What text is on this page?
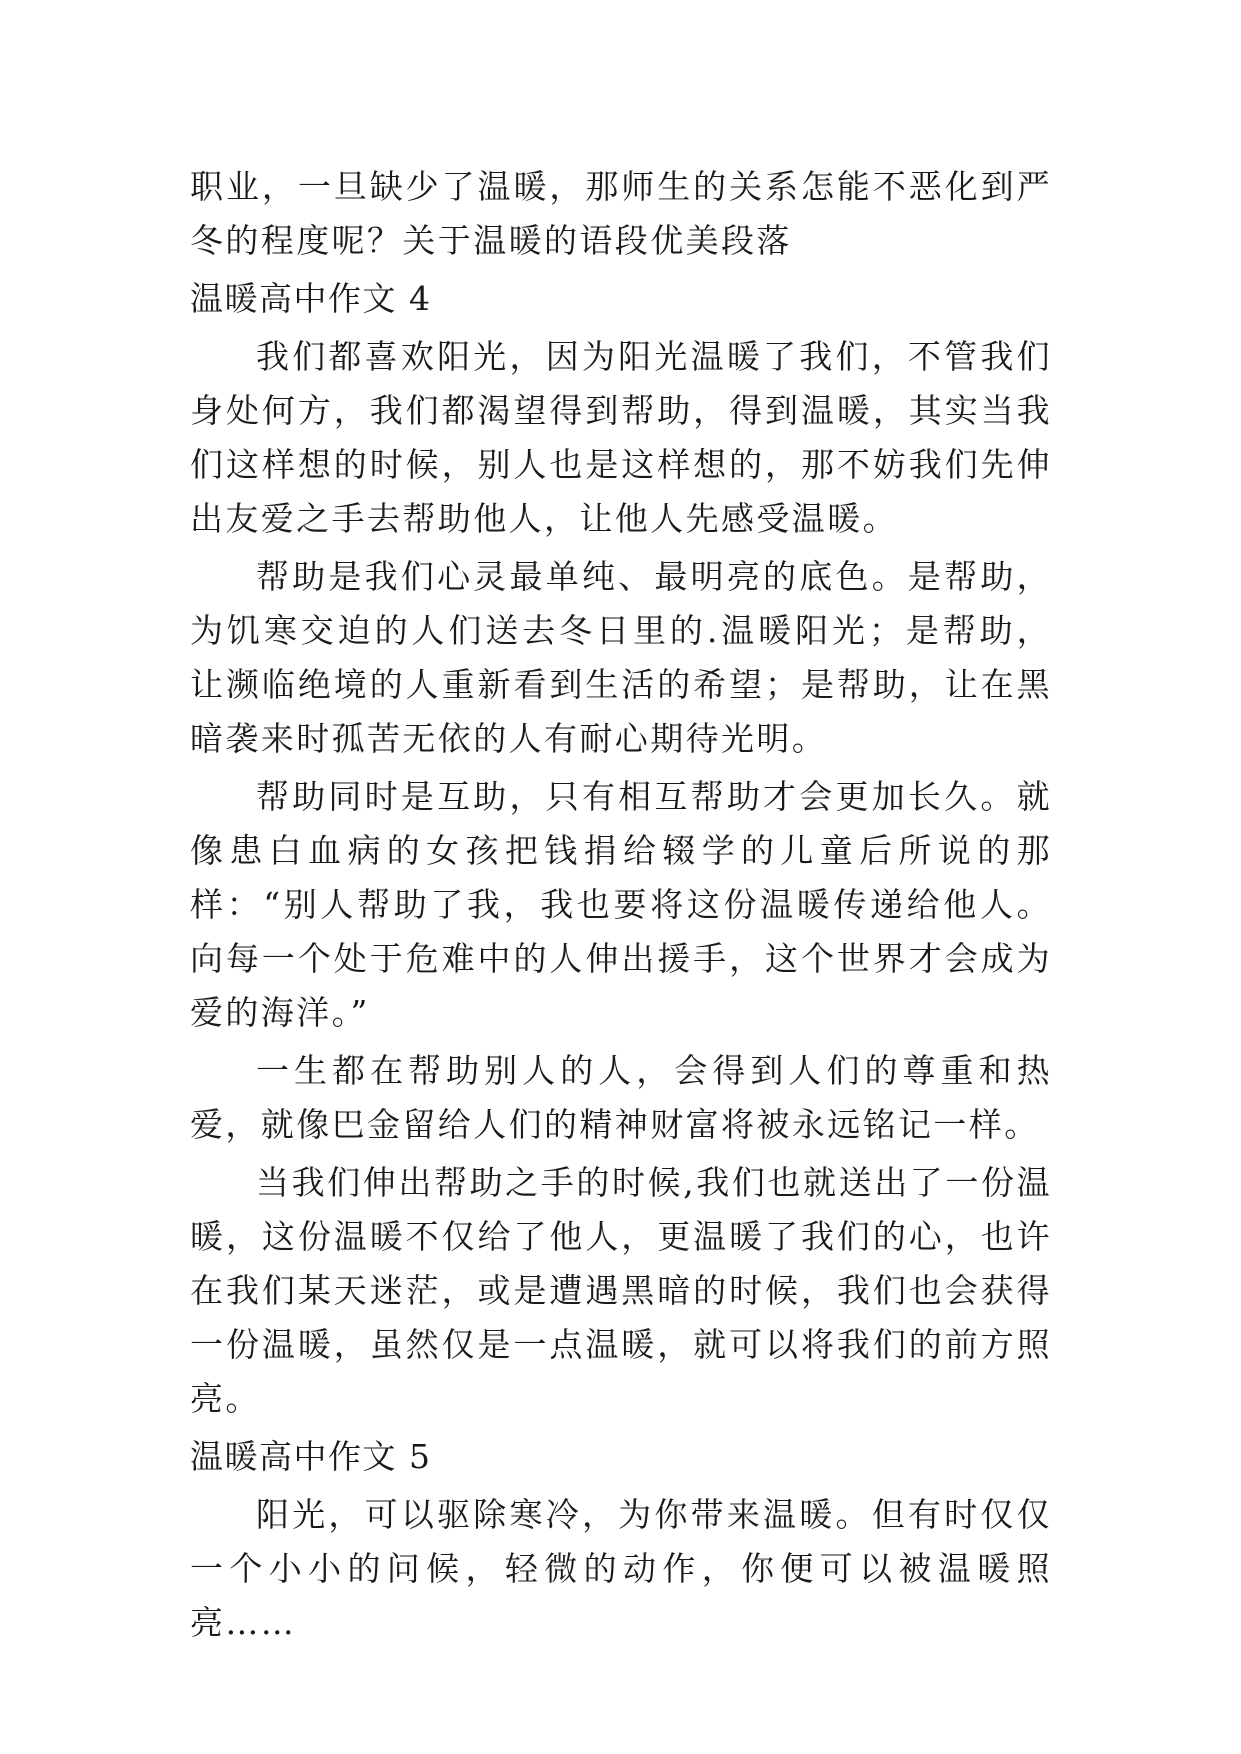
职业，一旦缺少了温暖，那师生的关系怎能不恶化到严冬的程度呢？关于温暖的语段优美段落

温暖高中作文 4

我们都喜欢阳光，因为阳光温暖了我们，不管我们身处何方，我们都渴望得到帮助，得到温暖，其实当我们这样想的时候，别人也是这样想的，那不妨我们先伸出友爱之手去帮助他人，让他人先感受温暖。

帮助是我们心灵最单纯、最明亮的底色。是帮助，为饥寒交迫的人们送去冬日里的.温暖阳光；是帮助，让濒临绝境的人重新看到生活的希望；是帮助，让在黑暗袭来时孤苦无依的人有耐心期待光明。

帮助同时是互助，只有相互帮助才会更加长久。就像患白血病的女孩把钱捐给辍学的儿童后所说的那样：“别人帮助了我，我也要将这份温暖传递给他人。向每一个处于危难中的人伸出援手，这个世界才会成为爱的海洋。”

一生都在帮助别人的人，会得到人们的尊重和热爱，就像巴金留给人们的精神财富将被永远铭记一样。

当我们伸出帮助之手的时候,我们也就送出了一份温暖，这份温暖不仅给了他人，更温暖了我们的心，也许在我们某天迷茫，或是遭遇黑暗的时候，我们也会获得一份温暖，虽然仅是一点温暖，就可以将我们的前方照亮。

温暖高中作文 5

阳光，可以驱除寒冷，为你带来温暖。但有时仅仅一个小小的问候，轻微的动作，你便可以被温暖照亮……
